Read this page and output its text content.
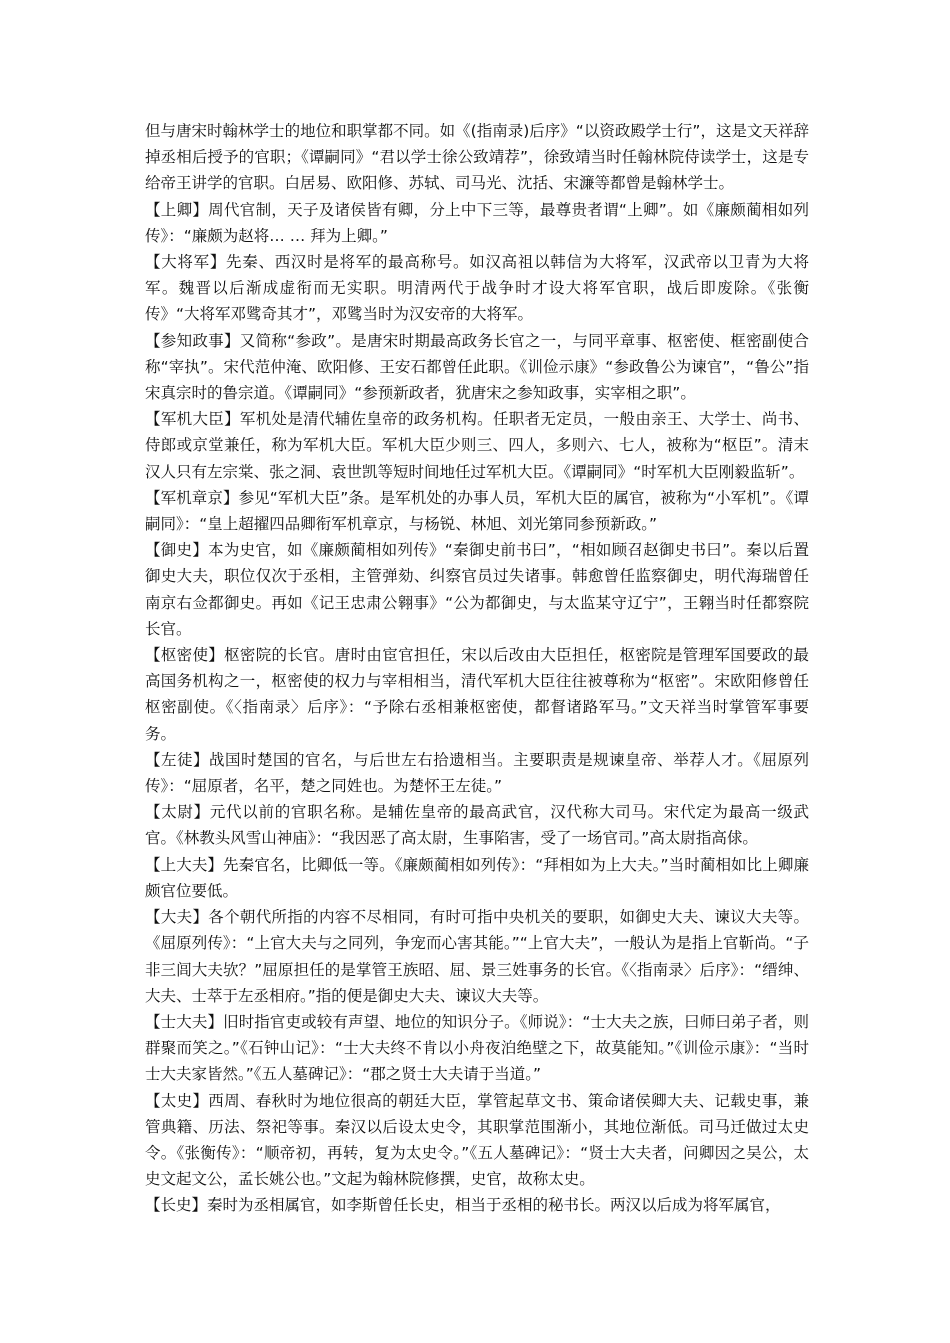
但与唐宋时翰林学士的地位和职掌都不同。如《(指南录)后序》“以资政殿学士行”，这是文天祥辞掉丞相后授予的官职；《谭嗣同》“君以学士徐公致靖荐”，徐致靖当时任翰林院侍读学士，这是专给帝王讲学的官职。白居易、欧阳修、苏轼、司马光、沈括、宋濂等都曾是翰林学士。

【上卿】周代官制，天子及诸侯皆有卿，分上中下三等，最尊贵者谓“上卿”。如《廉颇蔺相如列传》：“廉颇为赵将… … 拜为上卿。”

【大将军】先秦、西汉时是将军的最高称号。如汉高祖以韩信为大将军，汉武帝以卫青为大将军。魏晋以后渐成虚衔而无实职。明清两代于战争时才设大将军官职，战后即废除。《张衡传》“大将军邓骘奇其才”，邓骘当时为汉安帝的大将军。

【参知政事】又简称“参政”。是唐宋时期最高政务长官之一，与同平章事、枢密使、框密副使合称“宰执”。宋代范仲淹、欧阳修、王安石都曾任此职。《训俭示康》“参政鲁公为谏官”，“鲁公”指宋真宗时的鲁宗道。《谭嗣同》“参预新政者，犹唐宋之参知政事，实宰相之职”。

【军机大臣】军机处是清代辅佐皇帝的政务机构。任职者无定员，一般由亲王、大学士、尚书、侍郎或京堂兼任，称为军机大臣。军机大臣少则三、四人，多则六、七人，被称为“枢臣”。清末汉人只有左宗棠、张之洞、袁世凯等短时间地任过军机大臣。《谭嗣同》“时军机大臣刚毅监斩”。

【军机章京】参见“军机大臣”条。是军机处的办事人员，军机大臣的属官，被称为“小军机”。《谭嗣同》：“皇上超擢四品卿衔军机章京，与杨锐、林旭、刘光第同参预新政。”

【御史】本为史官，如《廉颇蔺相如列传》“秦御史前书曰”，“相如顾召赵御史书曰”。秦以后置御史大夫，职位仅次于丞相，主管弹劾、纠察官员过失诸事。韩愈曾任监察御史，明代海瑞曾任南京右佥都御史。再如《记王忠肃公翱事》“公为都御史，与太监某守辽宁”，王翱当时任都察院长官。

【枢密使】枢密院的长官。唐时由宦官担任，宋以后改由大臣担任，枢密院是管理军国要政的最高国务机构之一，枢密使的权力与宰相相当，清代军机大臣往往被尊称为“枢密”。宋欧阳修曾任枢密副使。《〈指南录〉后序》：“予除右丞相兼枢密使，都督诸路军马。”文天祥当时掌管军事要务。

【左徒】战国时楚国的官名，与后世左右拾遗相当。主要职责是规谏皇帝、举荐人才。《屈原列传》：“屈原者，名平，楚之同姓也。为楚怀王左徒。”

【太尉】元代以前的官职名称。是辅佐皇帝的最高武官，汉代称大司马。宋代定为最高一级武官。《林教头风雪山神庙》：“我因恶了高太尉，生事陷害，受了一场官司。”高太尉指高俅。

【上大夫】先秦官名，比卿低一等。《廉颇蔺相如列传》：“拜相如为上大夫。”当时蔺相如比上卿廉颇官位要低。

【大夫】各个朝代所指的内容不尽相同，有时可指中央机关的要职，如御史大夫、谏议大夫等。《屈原列传》：“上官大夫与之同列，争宠而心害其能。”“上官大夫”，一般认为是指上官靳尚。“子非三闾大夫欤？”屈原担任的是掌管王族昭、屈、景三姓事务的长官。《〈指南录〉后序》：“缙绅、大夫、士萃于左丞相府。”指的便是御史大夫、谏议大夫等。

【士大夫】旧时指官吏或较有声望、地位的知识分子。《师说》：“士大夫之族，曰师曰弟子者，则群聚而笑之。”《石钟山记》：“士大夫终不肯以小舟夜泊绝壁之下，故莫能知。”《训俭示康》：“当时士大夫家皆然。”《五人墓碑记》：“郡之贤士大夫请于当道。”

【太史】西周、春秋时为地位很高的朝廷大臣，掌管起草文书、策命诸侯卿大夫、记载史事，兼管典籍、历法、祭祀等事。秦汉以后设太史令，其职掌范围渐小，其地位渐低。司马迁做过太史令。《张衡传》：“顺帝初，再转，复为太史令。”《五人墓碑记》：“贤士大夫者，问卿因之吴公，太史文起文公，孟长姚公也。”文起为翰林院修撰，史官，故称太史。

【长史】秦时为丞相属官，如李斯曾任长史，相当于丞相的秘书长。两汉以后成为将军属官，
